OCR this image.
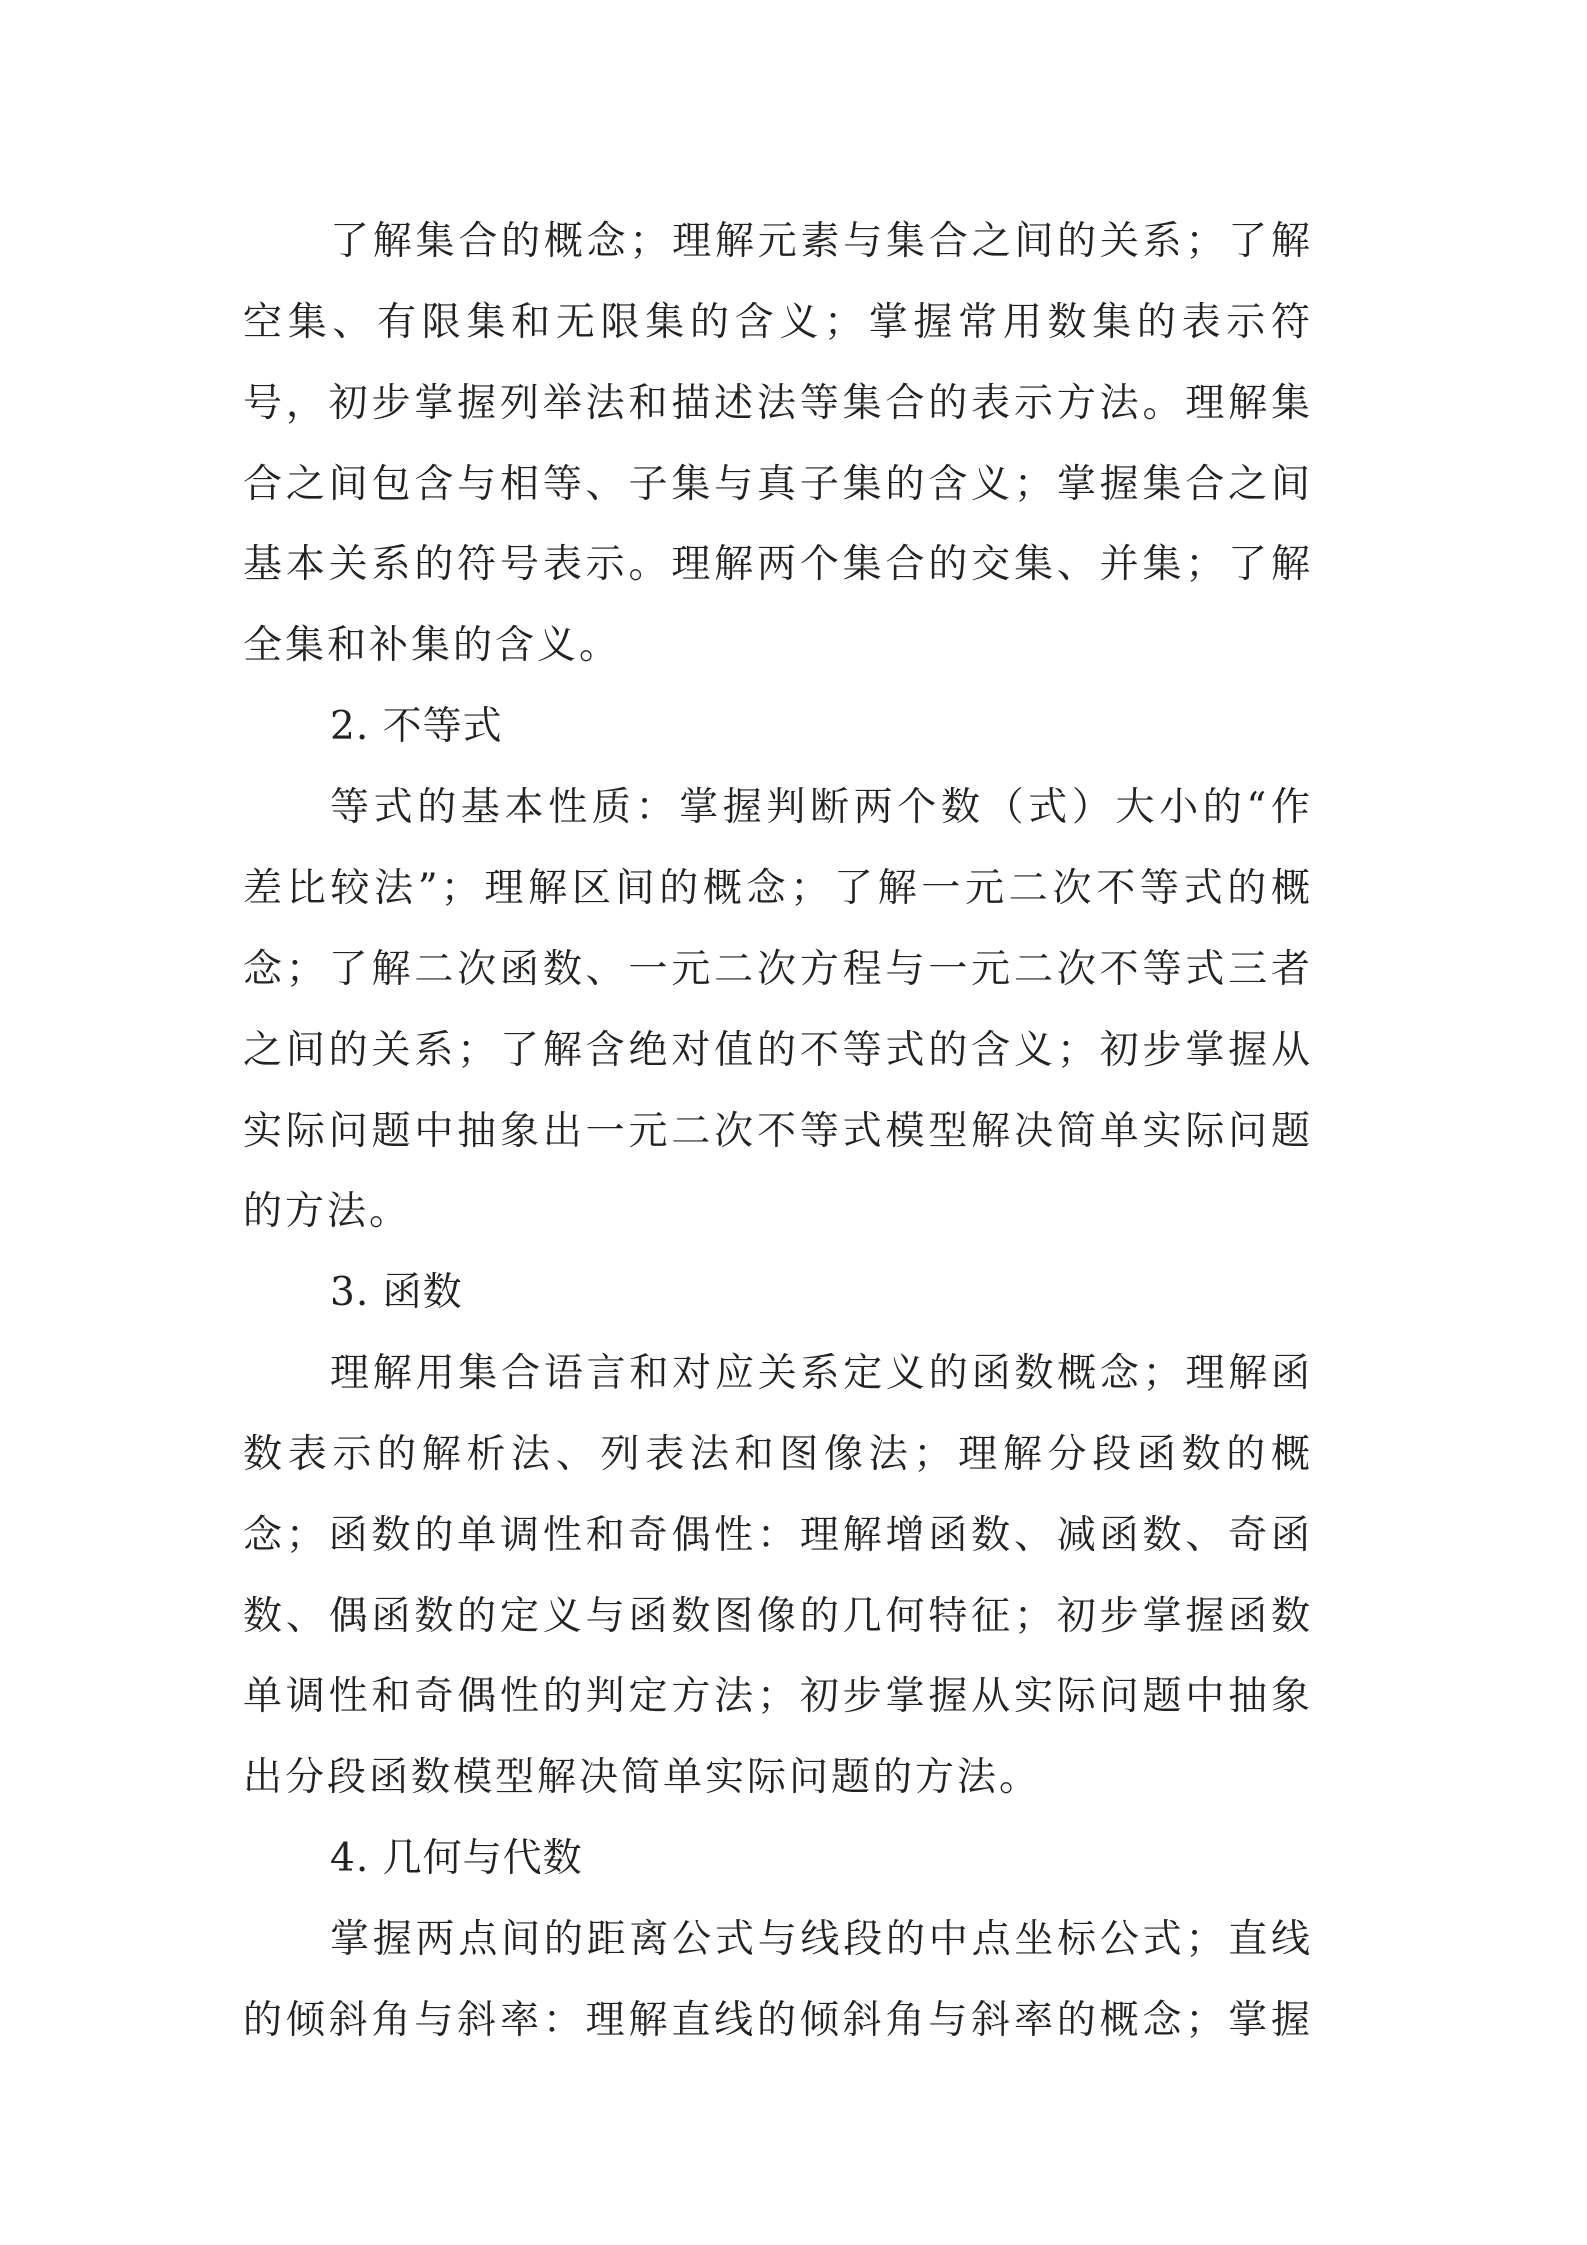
了解集合的概念；理解元素与集合之间的关系；了解
空集、有限集和无限集的含义；掌握常用数集的表示符
号，初步掌握列举法和描述法等集合的表示方法。理解集
合之间包含与相等、子集与真子集的含义；掌握集合之间
基本关系的符号表示。理解两个集合的交集、并集；了解
全集和补集的含义。
2. 不等式
等式的基本性质：掌握判断两个数（式）大小的“作
差比较法”；理解区间的概念；了解一元二次不等式的概
念；了解二次函数、一元二次方程与一元二次不等式三者
之间的关系；了解含绝对值的不等式的含义；初步掌握从
实际问题中抽象出一元二次不等式模型解决简单实际问题
的方法。
3. 函数
理解用集合语言和对应关系定义的函数概念；理解函
数表示的解析法、列表法和图像法；理解分段函数的概
念；函数的单调性和奇偶性：理解增函数、减函数、奇函
数、偶函数的定义与函数图像的几何特征；初步掌握函数
单调性和奇偶性的判定方法；初步掌握从实际问题中抽象
出分段函数模型解决简单实际问题的方法。
4. 几何与代数
掌握两点间的距离公式与线段的中点坐标公式；直线
的倾斜角与斜率：理解直线的倾斜角与斜率的概念；掌握
